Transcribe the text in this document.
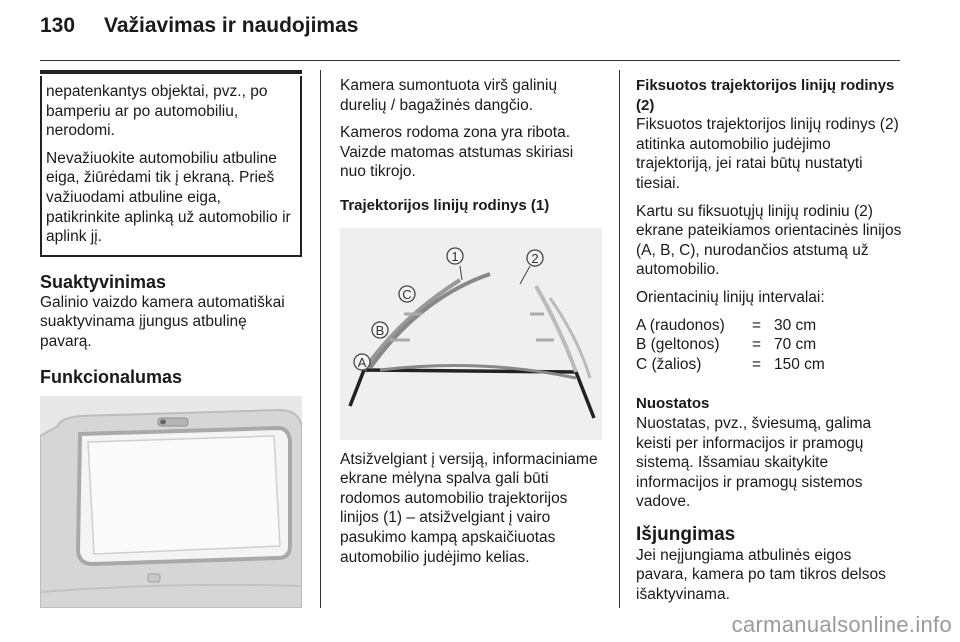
130 Važiavimas ir naudojimas

nepatenkantys objektai, pvz., po bamperiu ar po automobiliu, nerodomi.

Nevažiuokite automobiliu atbuline eiga, žiūrėdami tik į ekraną. Prieš važiuodami atbuline eiga, patikrinkite aplinką už automobilio ir aplink jį.

Suaktyvinimas

Galinio vaizdo kamera automatiškai suaktyvinama įjungus atbulinę pavarą.

Funkcionalumas

Kamera sumontuota virš galinių durelių / bagažinės dangčio.

Kameros rodoma zona yra ribota. Vaizde matomas atstumas skiriasi nuo tikrojo.

Trajektorijos linijų rodinys (1)
1	2
C
B
A

Atsižvelgiant į versiją, informaciniame ekrane mėlyna spalva gali būti rodomos automobilio trajektorijos linijos (1) – atsižvelgiant į vairo pasukimo kampą apskaičiuotas automobilio judėjimo kelias.

Fiksuotos trajektorijos linijų rodinys (2)

Fiksuotos trajektorijos linijų rodinys (2) atitinka automobilio judėjimo trajektoriją, jei ratai būtų nustatyti tiesiai.

Kartu su fiksuotųjų linijų rodiniu (2) ekrane pateikiamos orientacinės linijos (A, B, C), nurodančios atstumą už automobilio.

Orientacinių linijų intervalai:

A (raudonos)	=	30 cm
B (geltonos)	=	70 cm
C (žalios)	=	150 cm
Nuostatos

Nuostatas, pvz., šviesumą, galima keisti per informacijos ir pramogų sistemą. Išsamiau skaitykite informacijos ir pramogų sistemos vadove.

Išjungimas

Jei neįjungiama atbulinės eigos pavara, kamera po tam tikros delsos išaktyvinama.

carmanualsonline.info
